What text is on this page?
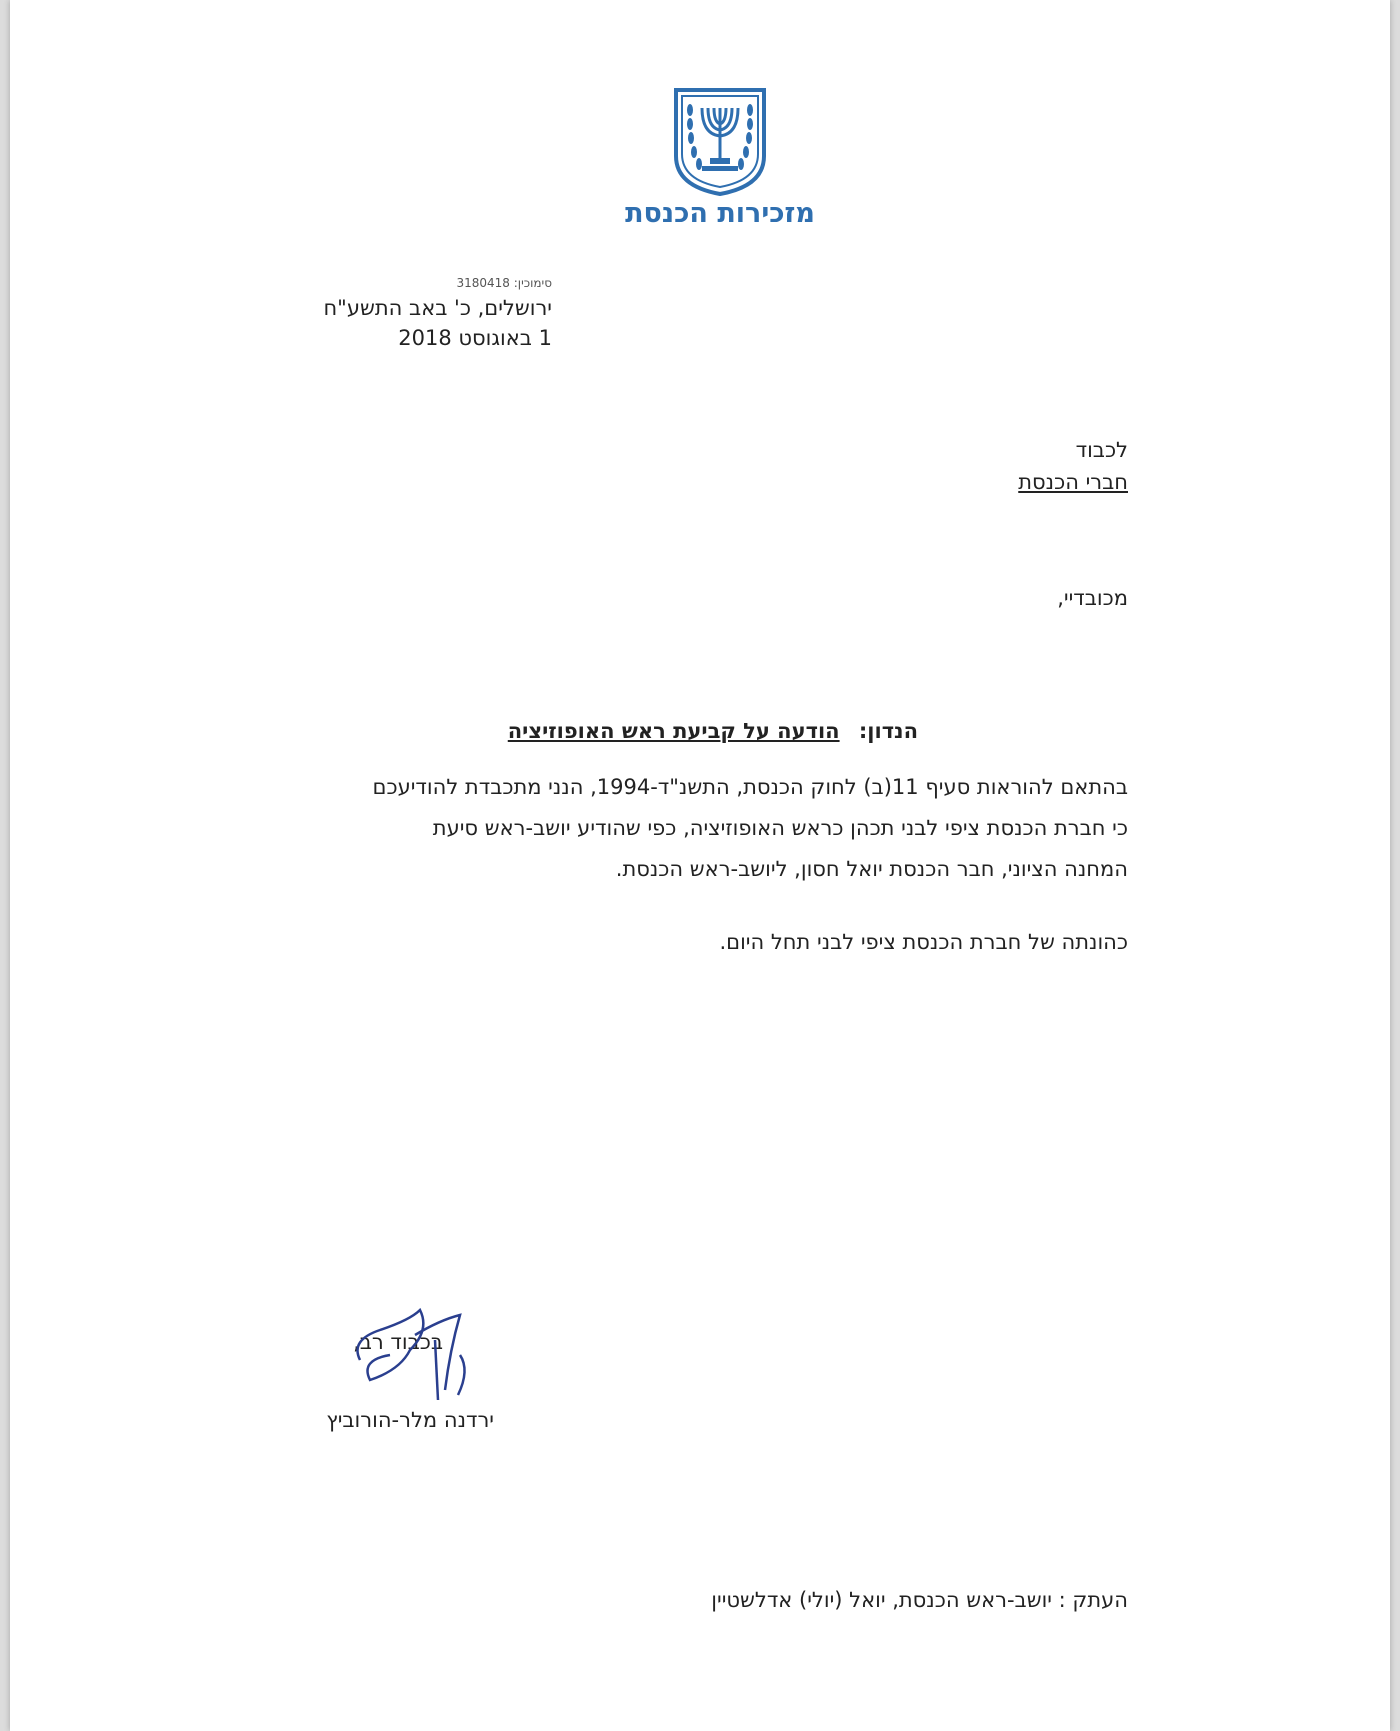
מזכירות הכנסת
סימוכין: 3180418
ירושלים, כ' באב התשע"ח
1 באוגוסט 2018
לכבוד
חברי הכנסת
מכובדיי,
הנדון: הודעה על קביעת ראש האופוזיציה
בהתאם להוראות סעיף 11(ב) לחוק הכנסת, התשנ"ד-1994, הנני מתכבדת להודיעכם
כי חברת הכנסת ציפי לבני תכהן כראש האופוזיציה, כפי שהודיע יושב-ראש סיעת
המחנה הציוני, חבר הכנסת יואל חסון, ליושב-ראש הכנסת.
כהונתה של חברת הכנסת ציפי לבני תחל היום.
בכבוד רב,
ירדנה מלר-הורוביץ
העתק : יושב-ראש הכנסת, יואל (יולי) אדלשטיין
